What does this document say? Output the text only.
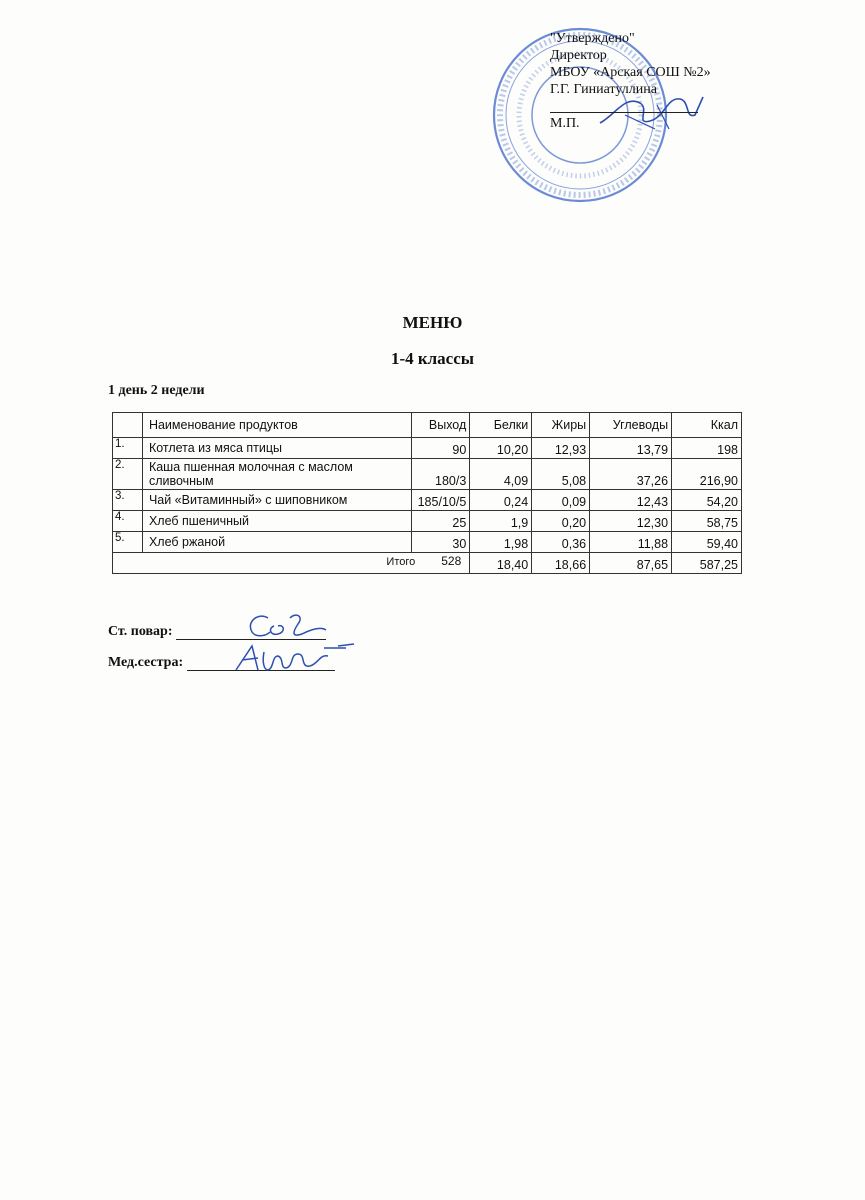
"Утверждено"
Директор
МБОУ «Арская СОШ №2»
Г.Г. Гиниатуллина
М.П.
МЕНЮ
1-4 классы
1 день 2 недели
	Наименование продуктов	Выход	Белки	Жиры	Углеводы	Ккал
1.	Котлета из мяса птицы	90	10,20	12,93	13,79	198
2.	Каша пшенная молочная с маслом сливочным	180/3	4,09	5,08	37,26	216,90
3.	Чай «Витаминный» с шиповником	185/10/5	0,24	0,09	12,43	54,20
4.	Хлеб пшеничный	25	1,9	0,20	12,30	58,75
5.	Хлеб ржаной	30	1,98	0,36	11,88	59,40
Итого 528			18,40	18,66	87,65	587,25
Ст. повар:
Мед.сестра:
